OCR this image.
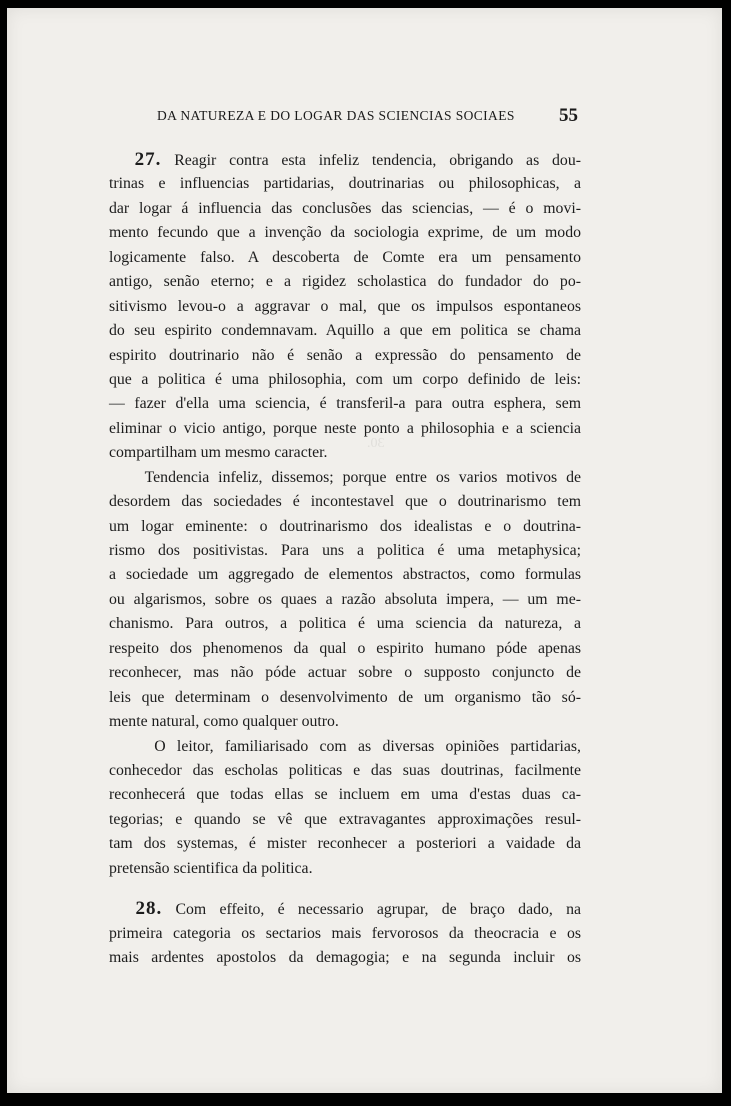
30.
DA NATUREZA E DO LOGAR DAS SCIENCIAS SOCIAES	55
27. Reagir contra esta infeliz tendencia, obrigando as dou-
trinas e influencias partidarias, doutrinarias ou philosophicas, a
dar logar á influencia das conclusões das sciencias, — é o movi-
mento fecundo que a invenção da sociologia exprime, de um modo
logicamente falso. A descoberta de Comte era um pensamento
antigo, senão eterno; e a rigidez scholastica do fundador do po-
sitivismo levou-o a aggravar o mal, que os impulsos espontaneos
do seu espirito condemnavam. Aquillo a que em politica se chama
espirito doutrinario não é senão a expressão do pensamento de
que a politica é uma philosophia, com um corpo definido de leis:
— fazer d'ella uma sciencia, é transferil-a para outra esphera, sem
eliminar o vicio antigo, porque neste ponto a philosophia e a sciencia
compartilham um mesmo caracter.
Tendencia infeliz, dissemos; porque entre os varios motivos de
desordem das sociedades é incontestavel que o doutrinarismo tem
um logar eminente: o doutrinarismo dos idealistas e o doutrina-
rismo dos positivistas. Para uns a politica é uma metaphysica;
a sociedade um aggregado de elementos abstractos, como formulas
ou algarismos, sobre os quaes a razão absoluta impera, — um me-
chanismo. Para outros, a politica é uma sciencia da natureza, a
respeito dos phenomenos da qual o espirito humano póde apenas
reconhecer, mas não póde actuar sobre o supposto conjuncto de
leis que determinam o desenvolvimento de um organismo tão só-
mente natural, como qualquer outro.
O leitor, familiarisado com as diversas opiniões partidarias,
conhecedor das escholas politicas e das suas doutrinas, facilmente
reconhecerá que todas ellas se incluem em uma d'estas duas ca-
tegorias; e quando se vê que extravagantes approximações resul-
tam dos systemas, é mister reconhecer a posteriori a vaidade da
pretensão scientifica da politica.
28. Com effeito, é necessario agrupar, de braço dado, na
primeira categoria os sectarios mais fervorosos da theocracia e os
mais ardentes apostolos da demagogia; e na segunda incluir os
